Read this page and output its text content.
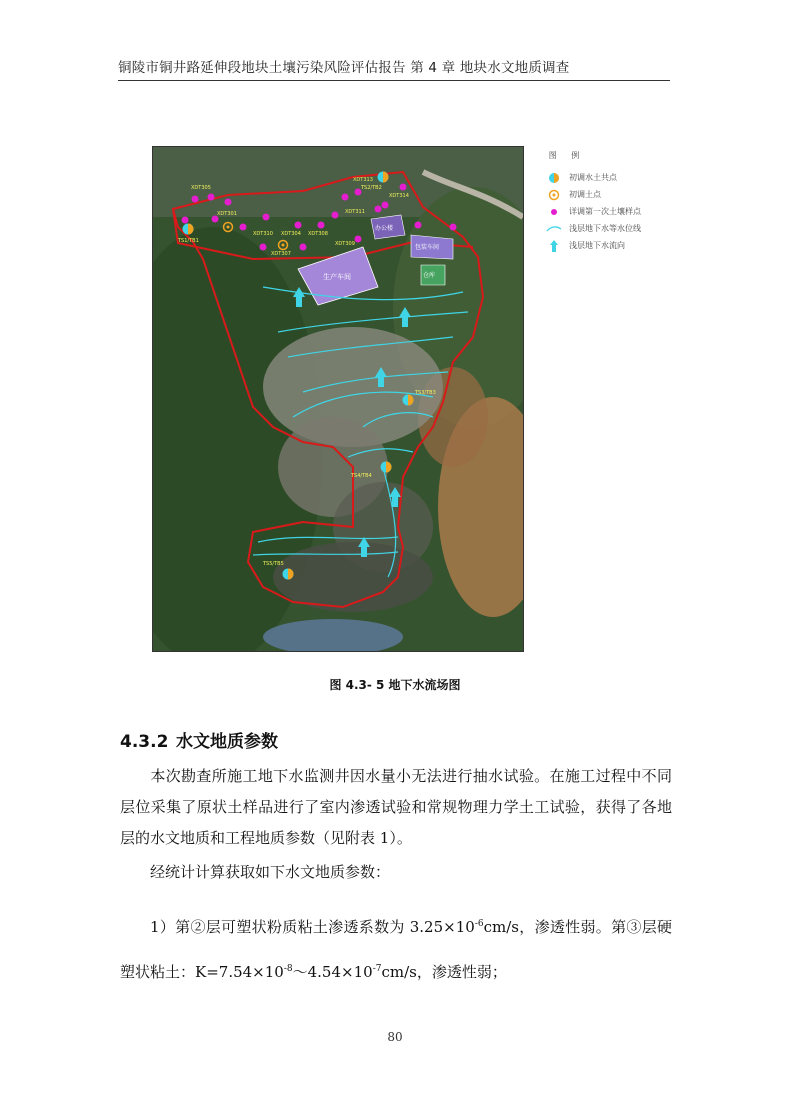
铜陵市铜井路延伸段地块土壤污染风险评估报告 第 4 章 地块水文地质调查
生产车间
办公楼
包装车间
仓库
XDT305
XDT301
XDT310 XDT304 XDT308
XDT307
XDT309
XDT311
XDT313
XDT314
TS1/TB1
TS2/TB2
TS3/TB3
TS4/TB4
TS5/TB5
图 例
初调水土共点
初调土点
详调第一次土壤样点
浅层地下水等水位线
浅层地下水流向
图 4.3- 5 地下水流场图
4.3.2 水文地质参数
本次勘查所施工地下水监测井因水量小无法进行抽水试验。在施工过程中不同层位采集了原状土样品进行了室内渗透试验和常规物理力学土工试验，获得了各地层的水文地质和工程地质参数（见附表 1）。
经统计计算获取如下水文地质参数：
1）第②层可塑状粉质粘土渗透系数为 $3.25\times 10^{-6}cm/s$，渗透性弱。第③层硬塑状粘土：$K=7.54\times 10^{-8}\sim 4.54\times 10^{-7}cm/s$，渗透性弱；
80
